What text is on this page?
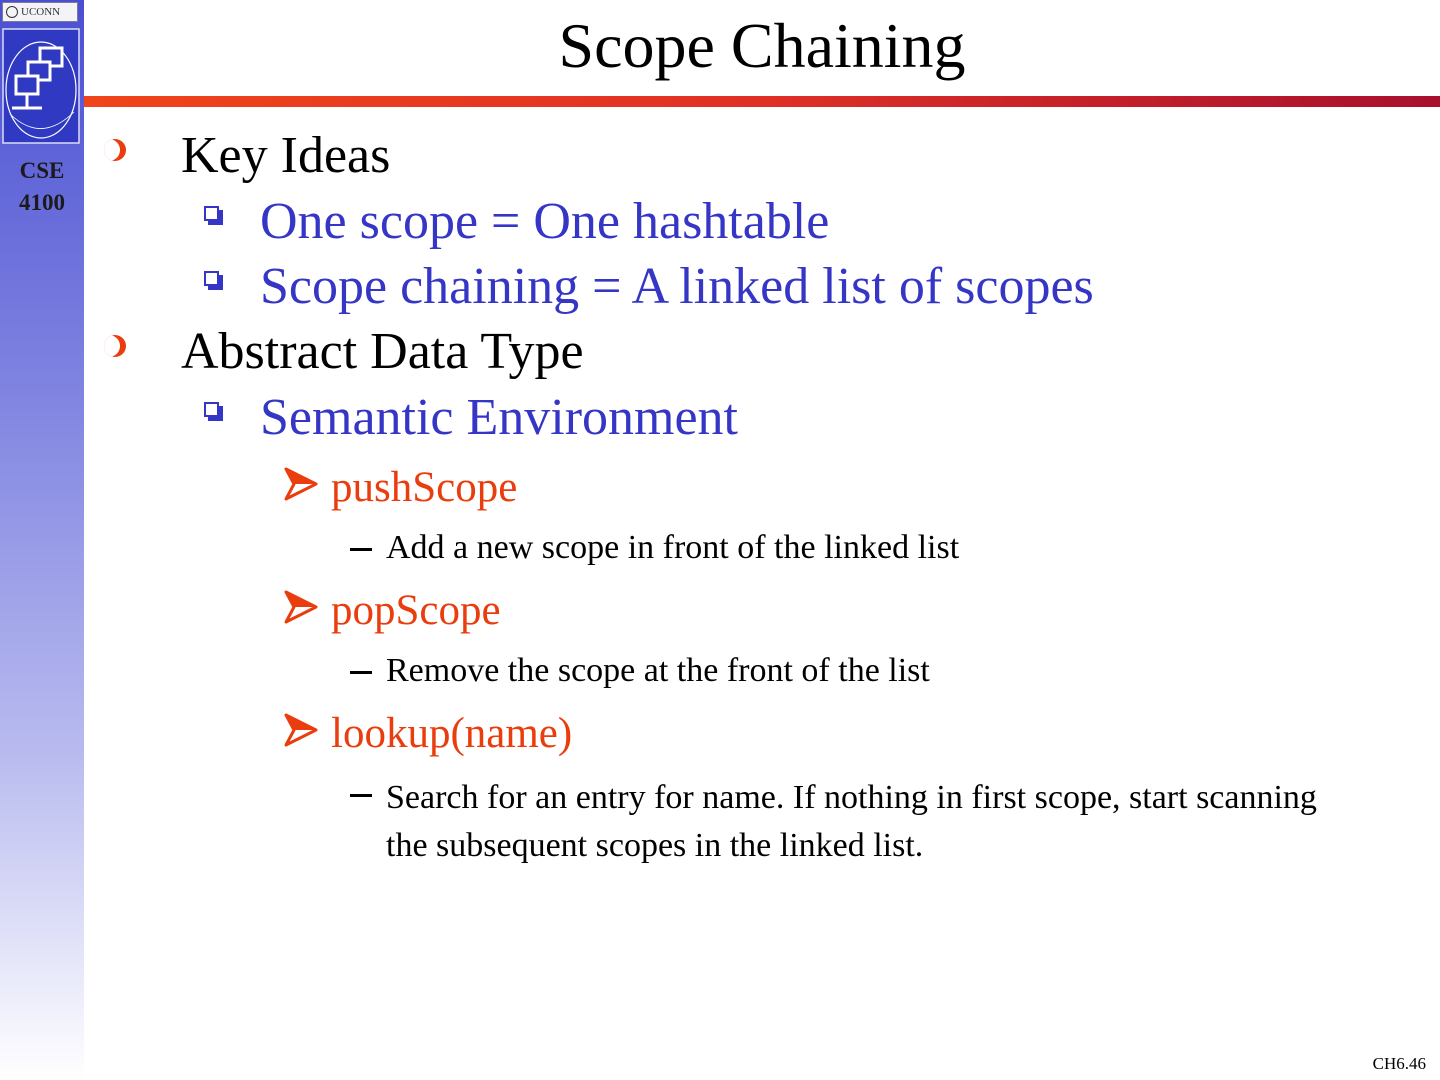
UCONN
CSE
4100
Scope Chaining
Key Ideas
One scope = One hashtable
Scope chaining = A linked list of scopes
Abstract Data Type
Semantic Environment
pushScope
Add a new scope in front of the linked list
popScope
Remove the scope at the front of the list
lookup(name)
Search for an entry for name. If nothing in first scope, start scanning the subsequent scopes in the linked list.
CH6.46
